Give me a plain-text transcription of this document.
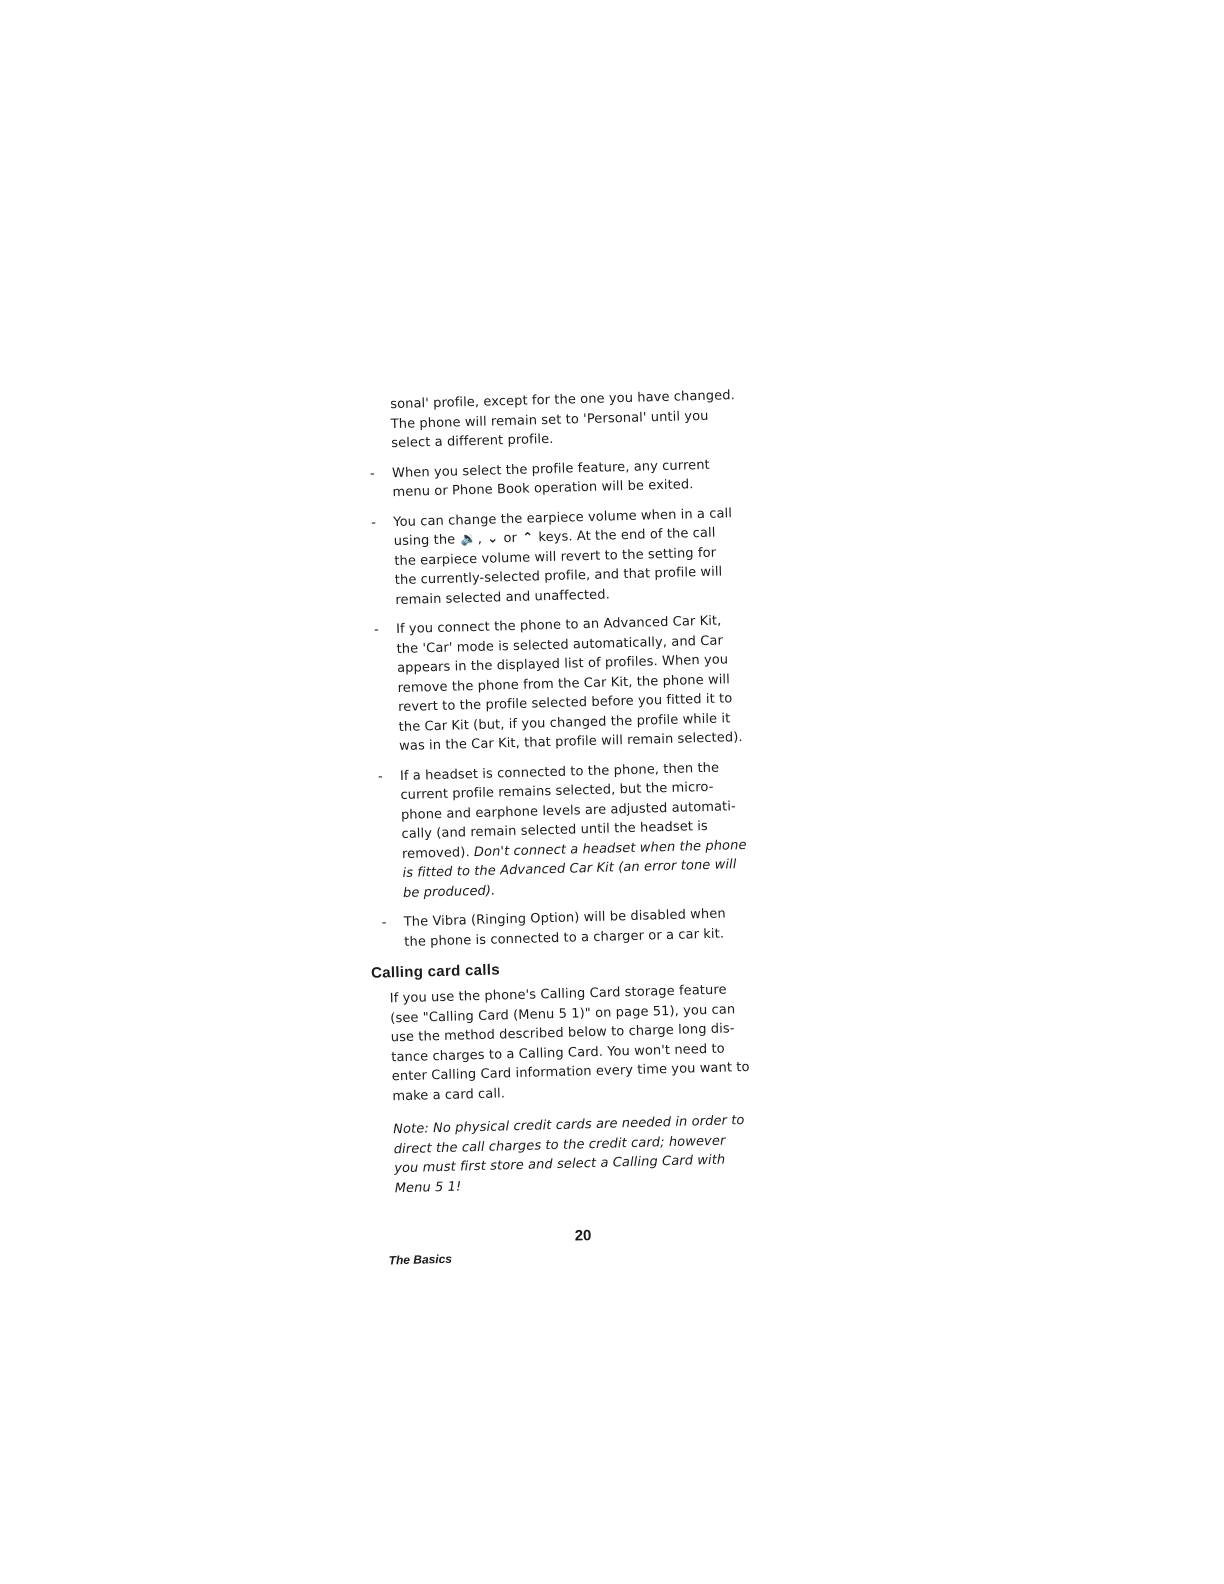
sonal' profile, except for the one you have changed. The phone will remain set to 'Personal' until you select a different profile.

- When you select the profile feature, any current menu or Phone Book operation will be exited.
- You can change the earpiece volume when in a call using the 🔉, ⌄ or ⌃ keys. At the end of the call the earpiece volume will revert to the setting for the currently-selected profile, and that profile will remain selected and unaffected.
- If you connect the phone to an Advanced Car Kit, the 'Car' mode is selected automatically, and Car appears in the displayed list of profiles. When you remove the phone from the Car Kit, the phone will revert to the profile selected before you fitted it to the Car Kit (but, if you changed the profile while it was in the Car Kit, that profile will remain selected).
- If a headset is connected to the phone, then the current profile remains selected, but the micro-phone and earphone levels are adjusted automati-cally (and remain selected until the headset is removed). Don't connect a headset when the phone is fitted to the Advanced Car Kit (an error tone will be produced).
- The Vibra (Ringing Option) will be disabled when the phone is connected to a charger or a car kit.
Calling card calls

If you use the phone's Calling Card storage feature (see "Calling Card (Menu 5 1)" on page 51), you can use the method described below to charge long dis-tance charges to a Calling Card. You won't need to enter Calling Card information every time you want to make a card call.

Note: No physical credit cards are needed in order to direct the call charges to the credit card; however you must first store and select a Calling Card with Menu 5 1!

20
The Basics
